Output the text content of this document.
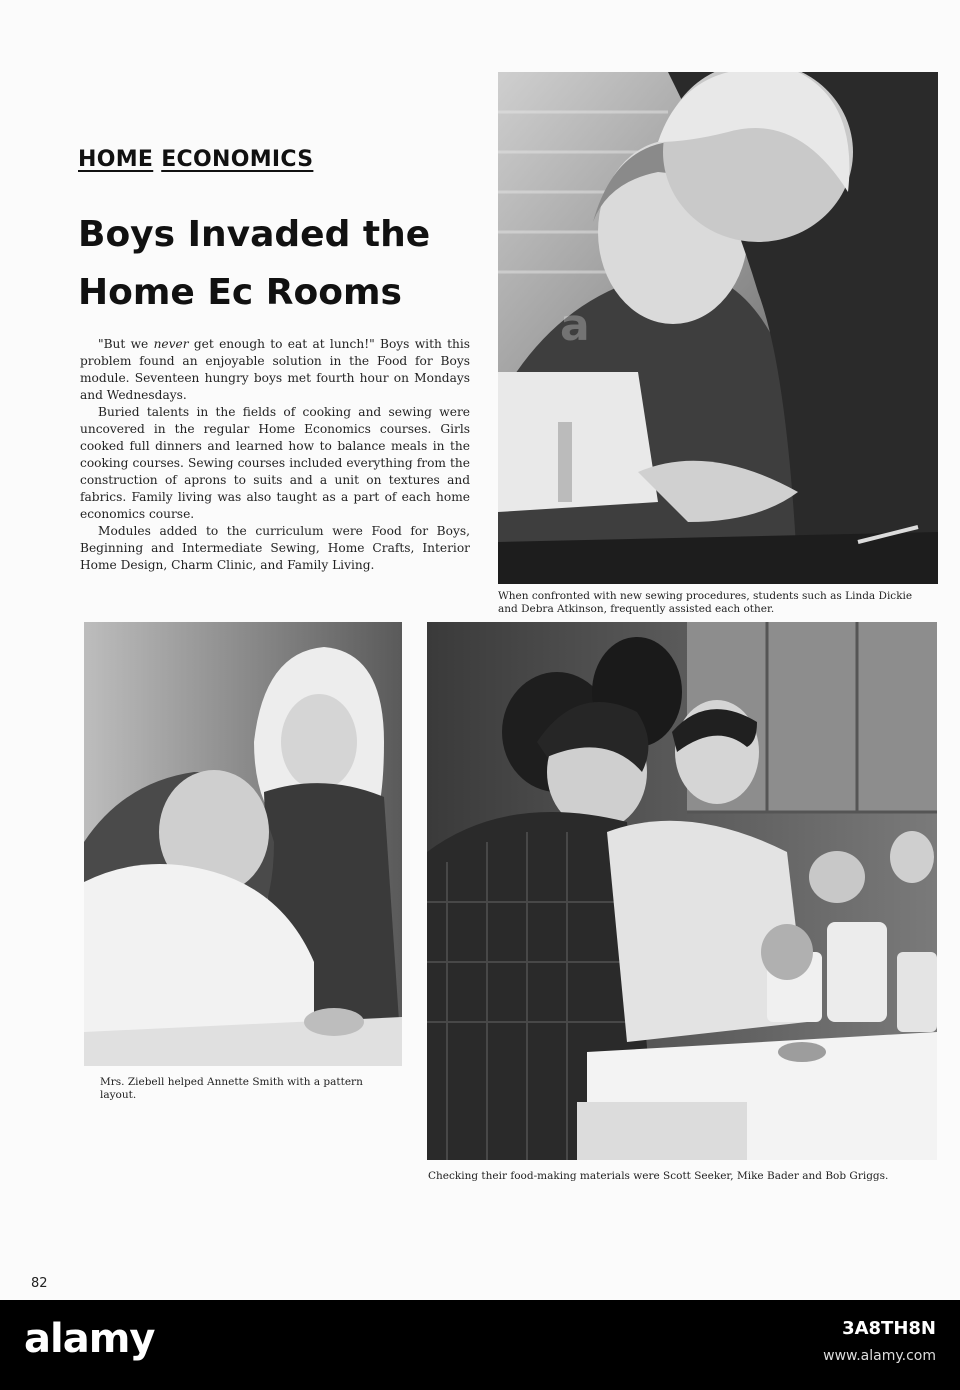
HOME ECONOMICS
Boys Invaded the
Home Ec Rooms

"But we never get enough to eat at lunch!" Boys with this problem found an enjoyable solution in the Food for Boys module. Seventeen hungry boys met fourth hour on Mondays and Wednesdays.

Buried talents in the fields of cooking and sewing were uncovered in the regular Home Economics courses. Girls cooked full dinners and learned how to balance meals in the cooking courses. Sewing courses included everything from the construction of aprons to suits and a unit on textures and fabrics. Family living was also taught as a part of each home economics course.

Modules added to the curriculum were Food for Boys, Beginning and Intermediate Sewing, Home Crafts, Interior Home Design, Charm Clinic, and Family Living.

When confronted with new sewing procedures, students such as Linda Dickie
and Debra Atkinson, frequently assisted each other.
Mrs. Ziebell helped Annette Smith with a pattern layout.
Checking their food-making materials were Scott Seeker, Mike Bader and Bob Griggs.
a
82
alamy	3A8TH8N
www.alamy.com
